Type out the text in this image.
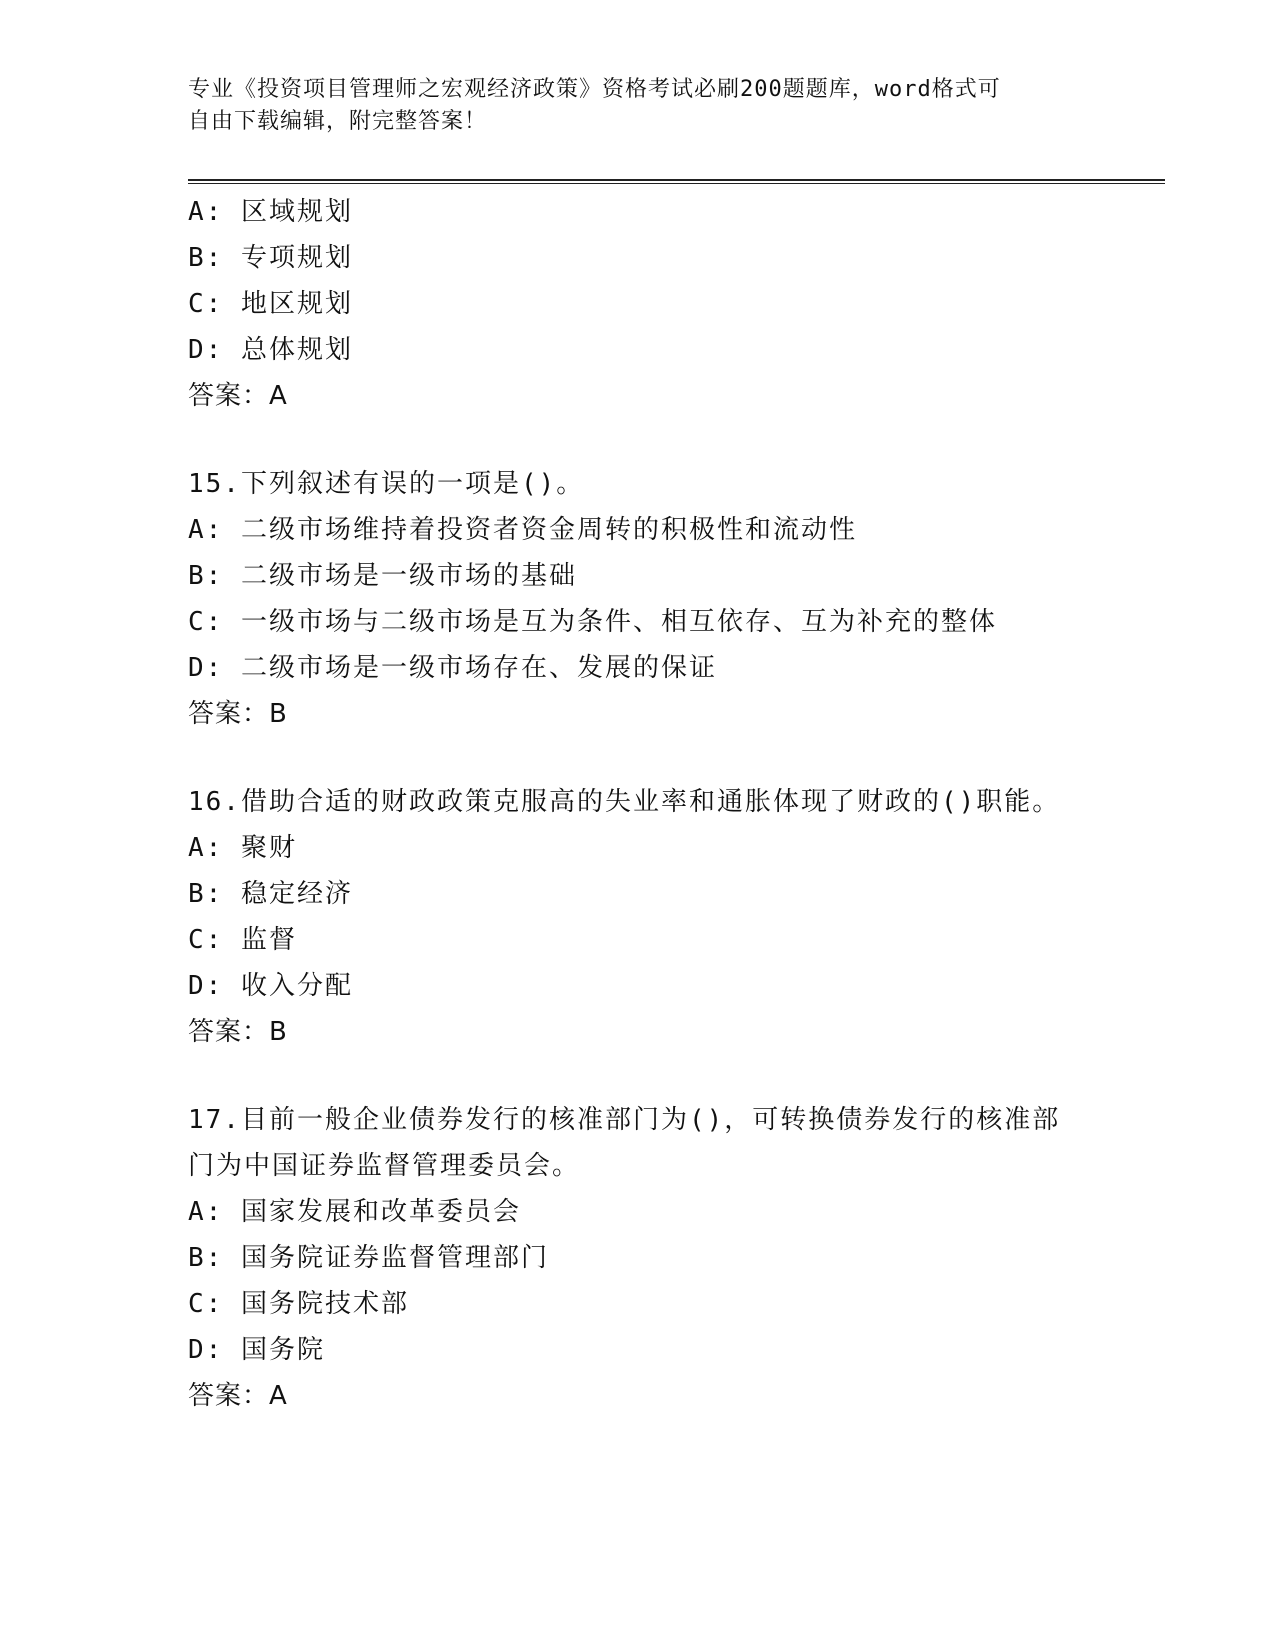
专业《投资项目管理师之宏观经济政策》资格考试必刷200题题库，word格式可
自由下载编辑，附完整答案！
A: 区域规划
B: 专项规划
C: 地区规划
D: 总体规划
答案：A
15.下列叙述有误的一项是()。
A: 二级市场维持着投资者资金周转的积极性和流动性
B: 二级市场是一级市场的基础
C: 一级市场与二级市场是互为条件、相互依存、互为补充的整体
D: 二级市场是一级市场存在、发展的保证
答案：B
16.借助合适的财政政策克服高的失业率和通胀体现了财政的()职能。
A: 聚财
B: 稳定经济
C: 监督
D: 收入分配
答案：B
17.目前一般企业债券发行的核准部门为()，可转换债券发行的核准部
门为中国证券监督管理委员会。
A: 国家发展和改革委员会
B: 国务院证券监督管理部门
C: 国务院技术部
D: 国务院
答案：A
